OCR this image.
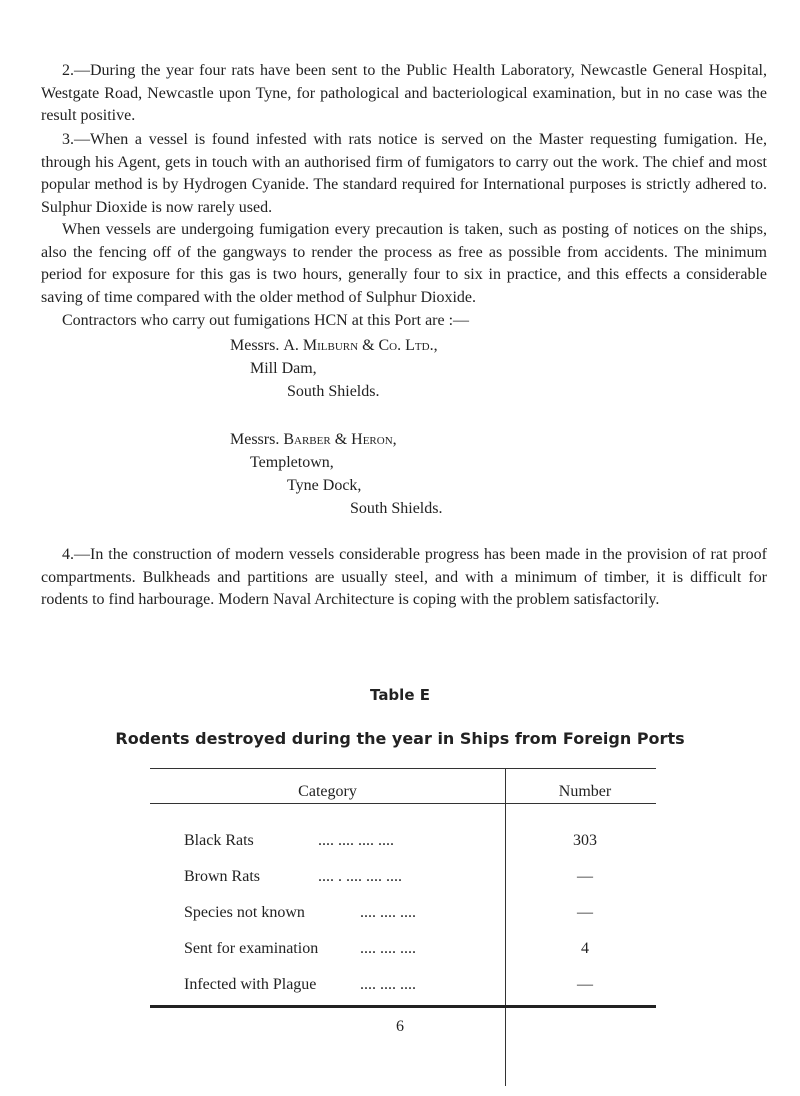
2.—During the year four rats have been sent to the Public Health Laboratory, Newcastle General Hospital, Westgate Road, Newcastle upon Tyne, for pathological and bacteriological examination, but in no case was the result positive.

3.—When a vessel is found infested with rats notice is served on the Master requesting fumigation. He, through his Agent, gets in touch with an authorised firm of fumigators to carry out the work. The chief and most popular method is by Hydrogen Cyanide. The standard required for International purposes is strictly adhered to. Sulphur Dioxide is now rarely used.

When vessels are undergoing fumigation every precaution is taken, such as posting of notices on the ships, also the fencing off of the gangways to render the process as free as possible from accidents. The minimum period for exposure for this gas is two hours, generally four to six in practice, and this effects a considerable saving of time compared with the older method of Sulphur Dioxide.

Contractors who carry out fumigations HCN at this Port are :—

Messrs. A. Milburn & Co. Ltd.,
Mill Dam,
South Shields.
Messrs. Barber & Heron,
Templetown,
Tyne Dock,
South Shields.

4.—In the construction of modern vessels considerable progress has been made in the provision of rat proof compartments. Bulkheads and partitions are usually steel, and with a minimum of timber, it is difficult for rodents to find harbourage. Modern Naval Architecture is coping with the problem satisfactorily.

Table E
Rodents destroyed during the year in Ships from Foreign Ports
Category	Number
Black Rats	.... .... .... ....	303
Brown Rats	.... . .... .... ....	—
Species not known	.... .... ....	—
Sent for examination	.... .... ....	4
Infected with Plague	.... .... ....	—
6
